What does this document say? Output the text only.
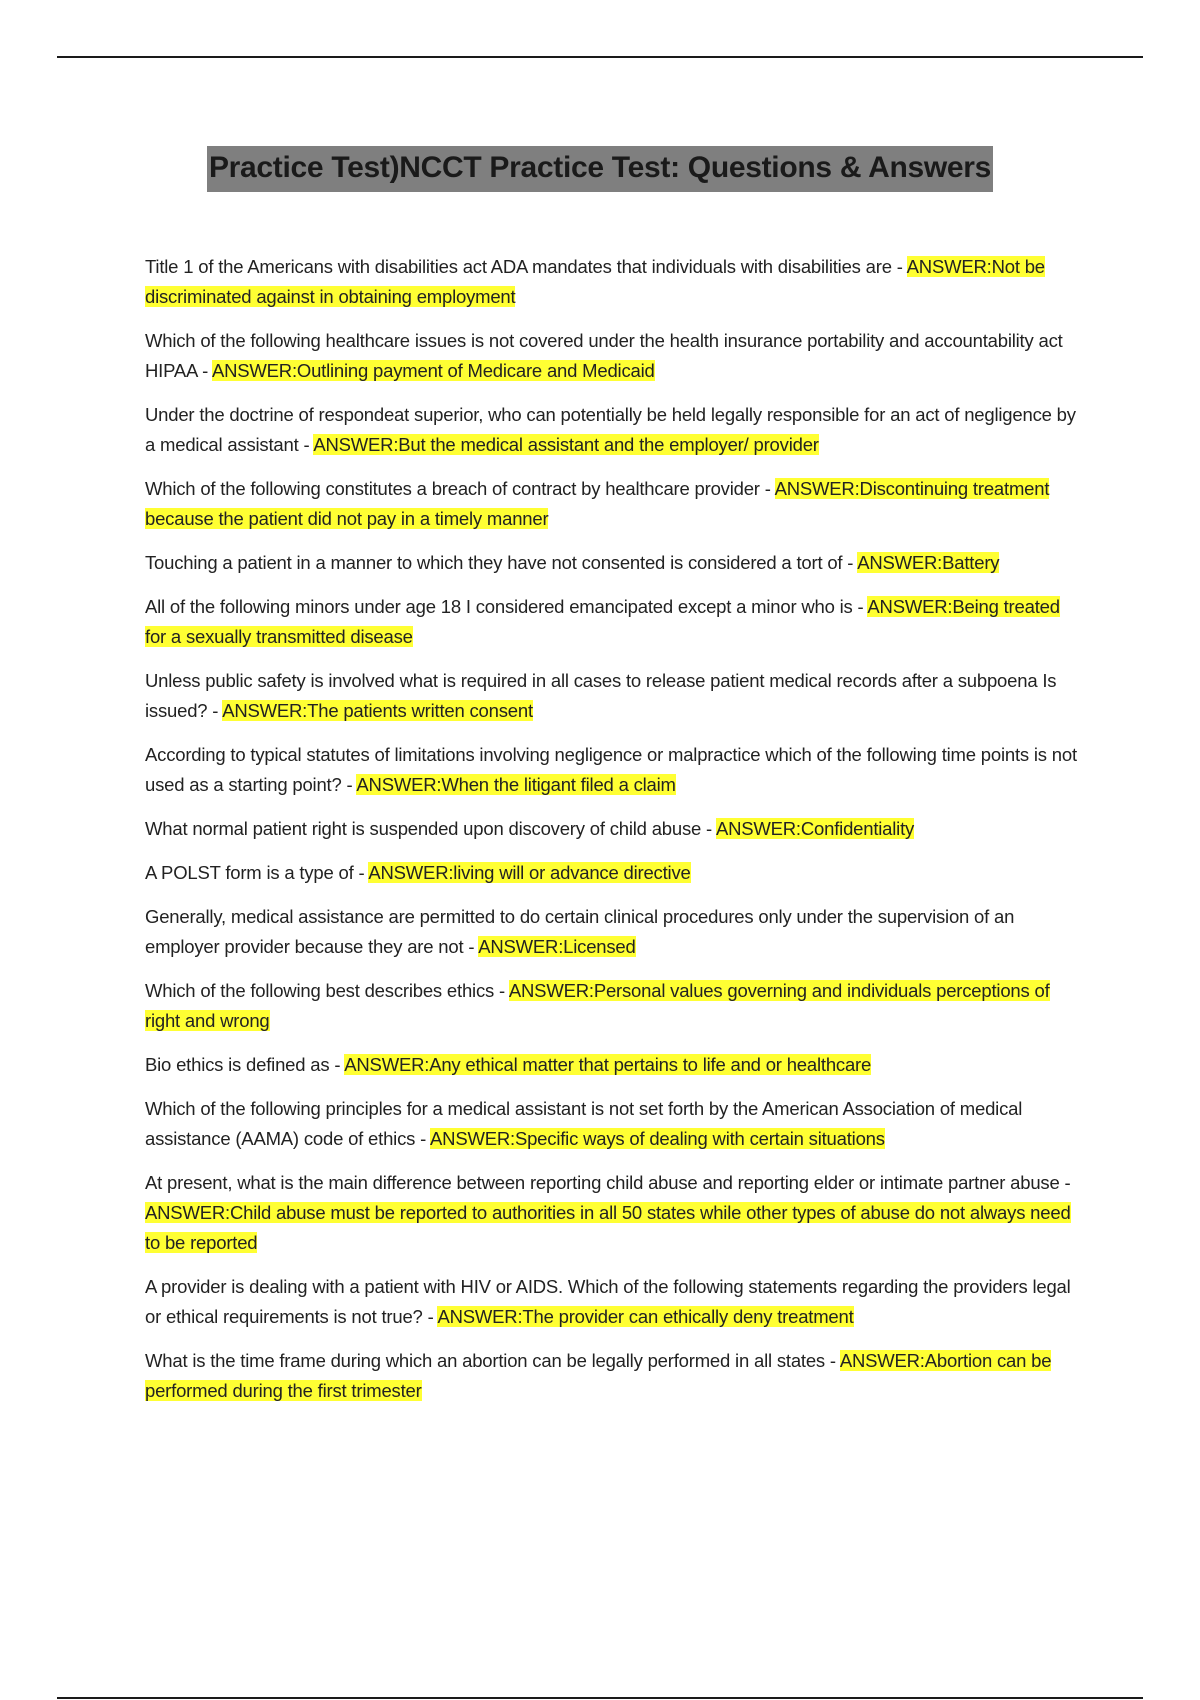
Practice Test)NCCT Practice Test: Questions & Answers

Title 1 of the Americans with disabilities act ADA mandates that individuals with disabilities are - ANSWER:Not be discriminated against in obtaining employment

Which of the following healthcare issues is not covered under the health insurance portability and accountability act HIPAA - ANSWER:Outlining payment of Medicare and Medicaid

Under the doctrine of respondeat superior, who can potentially be held legally responsible for an act of negligence by a medical assistant - ANSWER:But the medical assistant and the employer/ provider

Which of the following constitutes a breach of contract by healthcare provider - ANSWER:Discontinuing treatment because the patient did not pay in a timely manner

Touching a patient in a manner to which they have not consented is considered a tort of - ANSWER:Battery

All of the following minors under age 18 I considered emancipated except a minor who is - ANSWER:Being treated for a sexually transmitted disease

Unless public safety is involved what is required in all cases to release patient medical records after a subpoena Is issued? - ANSWER:The patients written consent

According to typical statutes of limitations involving negligence or malpractice which of the following time points is not used as a starting point? - ANSWER:When the litigant filed a claim

What normal patient right is suspended upon discovery of child abuse - ANSWER:Confidentiality

A POLST form is a type of - ANSWER:living will or advance directive

Generally, medical assistance are permitted to do certain clinical procedures only under the supervision of an employer provider because they are not - ANSWER:Licensed

Which of the following best describes ethics - ANSWER:Personal values governing and individuals perceptions of right and wrong

Bio ethics is defined as - ANSWER:Any ethical matter that pertains to life and or healthcare

Which of the following principles for a medical assistant is not set forth by the American Association of medical assistance (AAMA) code of ethics - ANSWER:Specific ways of dealing with certain situations

At present, what is the main difference between reporting child abuse and reporting elder or intimate partner abuse - ANSWER:Child abuse must be reported to authorities in all 50 states while other types of abuse do not always need to be reported

A provider is dealing with a patient with HIV or AIDS. Which of the following statements regarding the providers legal or ethical requirements is not true? - ANSWER:The provider can ethically deny treatment

What is the time frame during which an abortion can be legally performed in all states - ANSWER:Abortion can be performed during the first trimester
